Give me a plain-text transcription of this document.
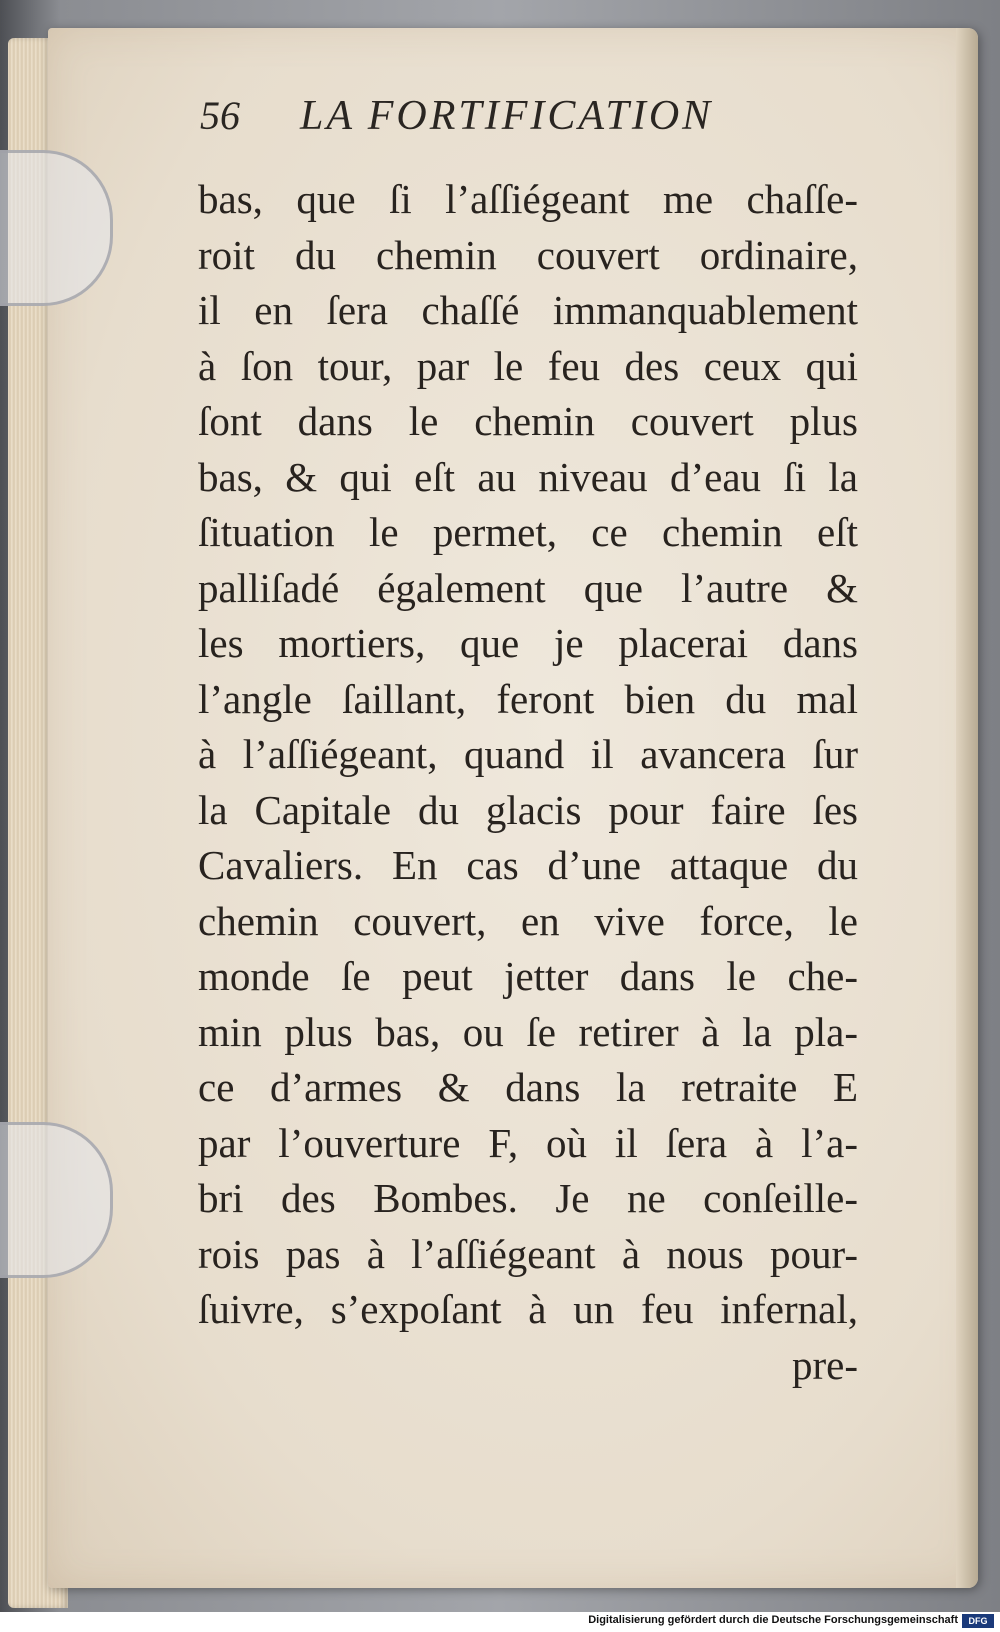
56 LA FORTIFICATION
bas, que ſi l’aſſiégeant me chaſſe-
roit du chemin couvert ordinaire,
il en ſera chaſſé immanquablement
à ſon tour, par le feu des ceux qui
ſont dans le chemin couvert plus
bas, & qui eſt au niveau d’eau ſi la
ſituation le permet, ce chemin eſt
palliſadé également que l’autre &
les mortiers, que je placerai dans
l’angle ſaillant, feront bien du mal
à l’aſſiégeant, quand il avancera ſur
la Capitale du glacis pour faire ſes
Cavaliers. En cas d’une attaque du
chemin couvert, en vive force, le
monde ſe peut jetter dans le che-
min plus bas, ou ſe retirer à la pla-
ce d’armes & dans la retraite E
par l’ouverture F, où il ſera à l’a-
bri des Bombes. Je ne conſeille-
rois pas à l’aſſiégeant à nous pour-
ſuivre, s’expoſant à un feu infernal,
pre-
Digitalisierung gefördert durch die Deutsche Forschungsgemeinschaft	DFG
